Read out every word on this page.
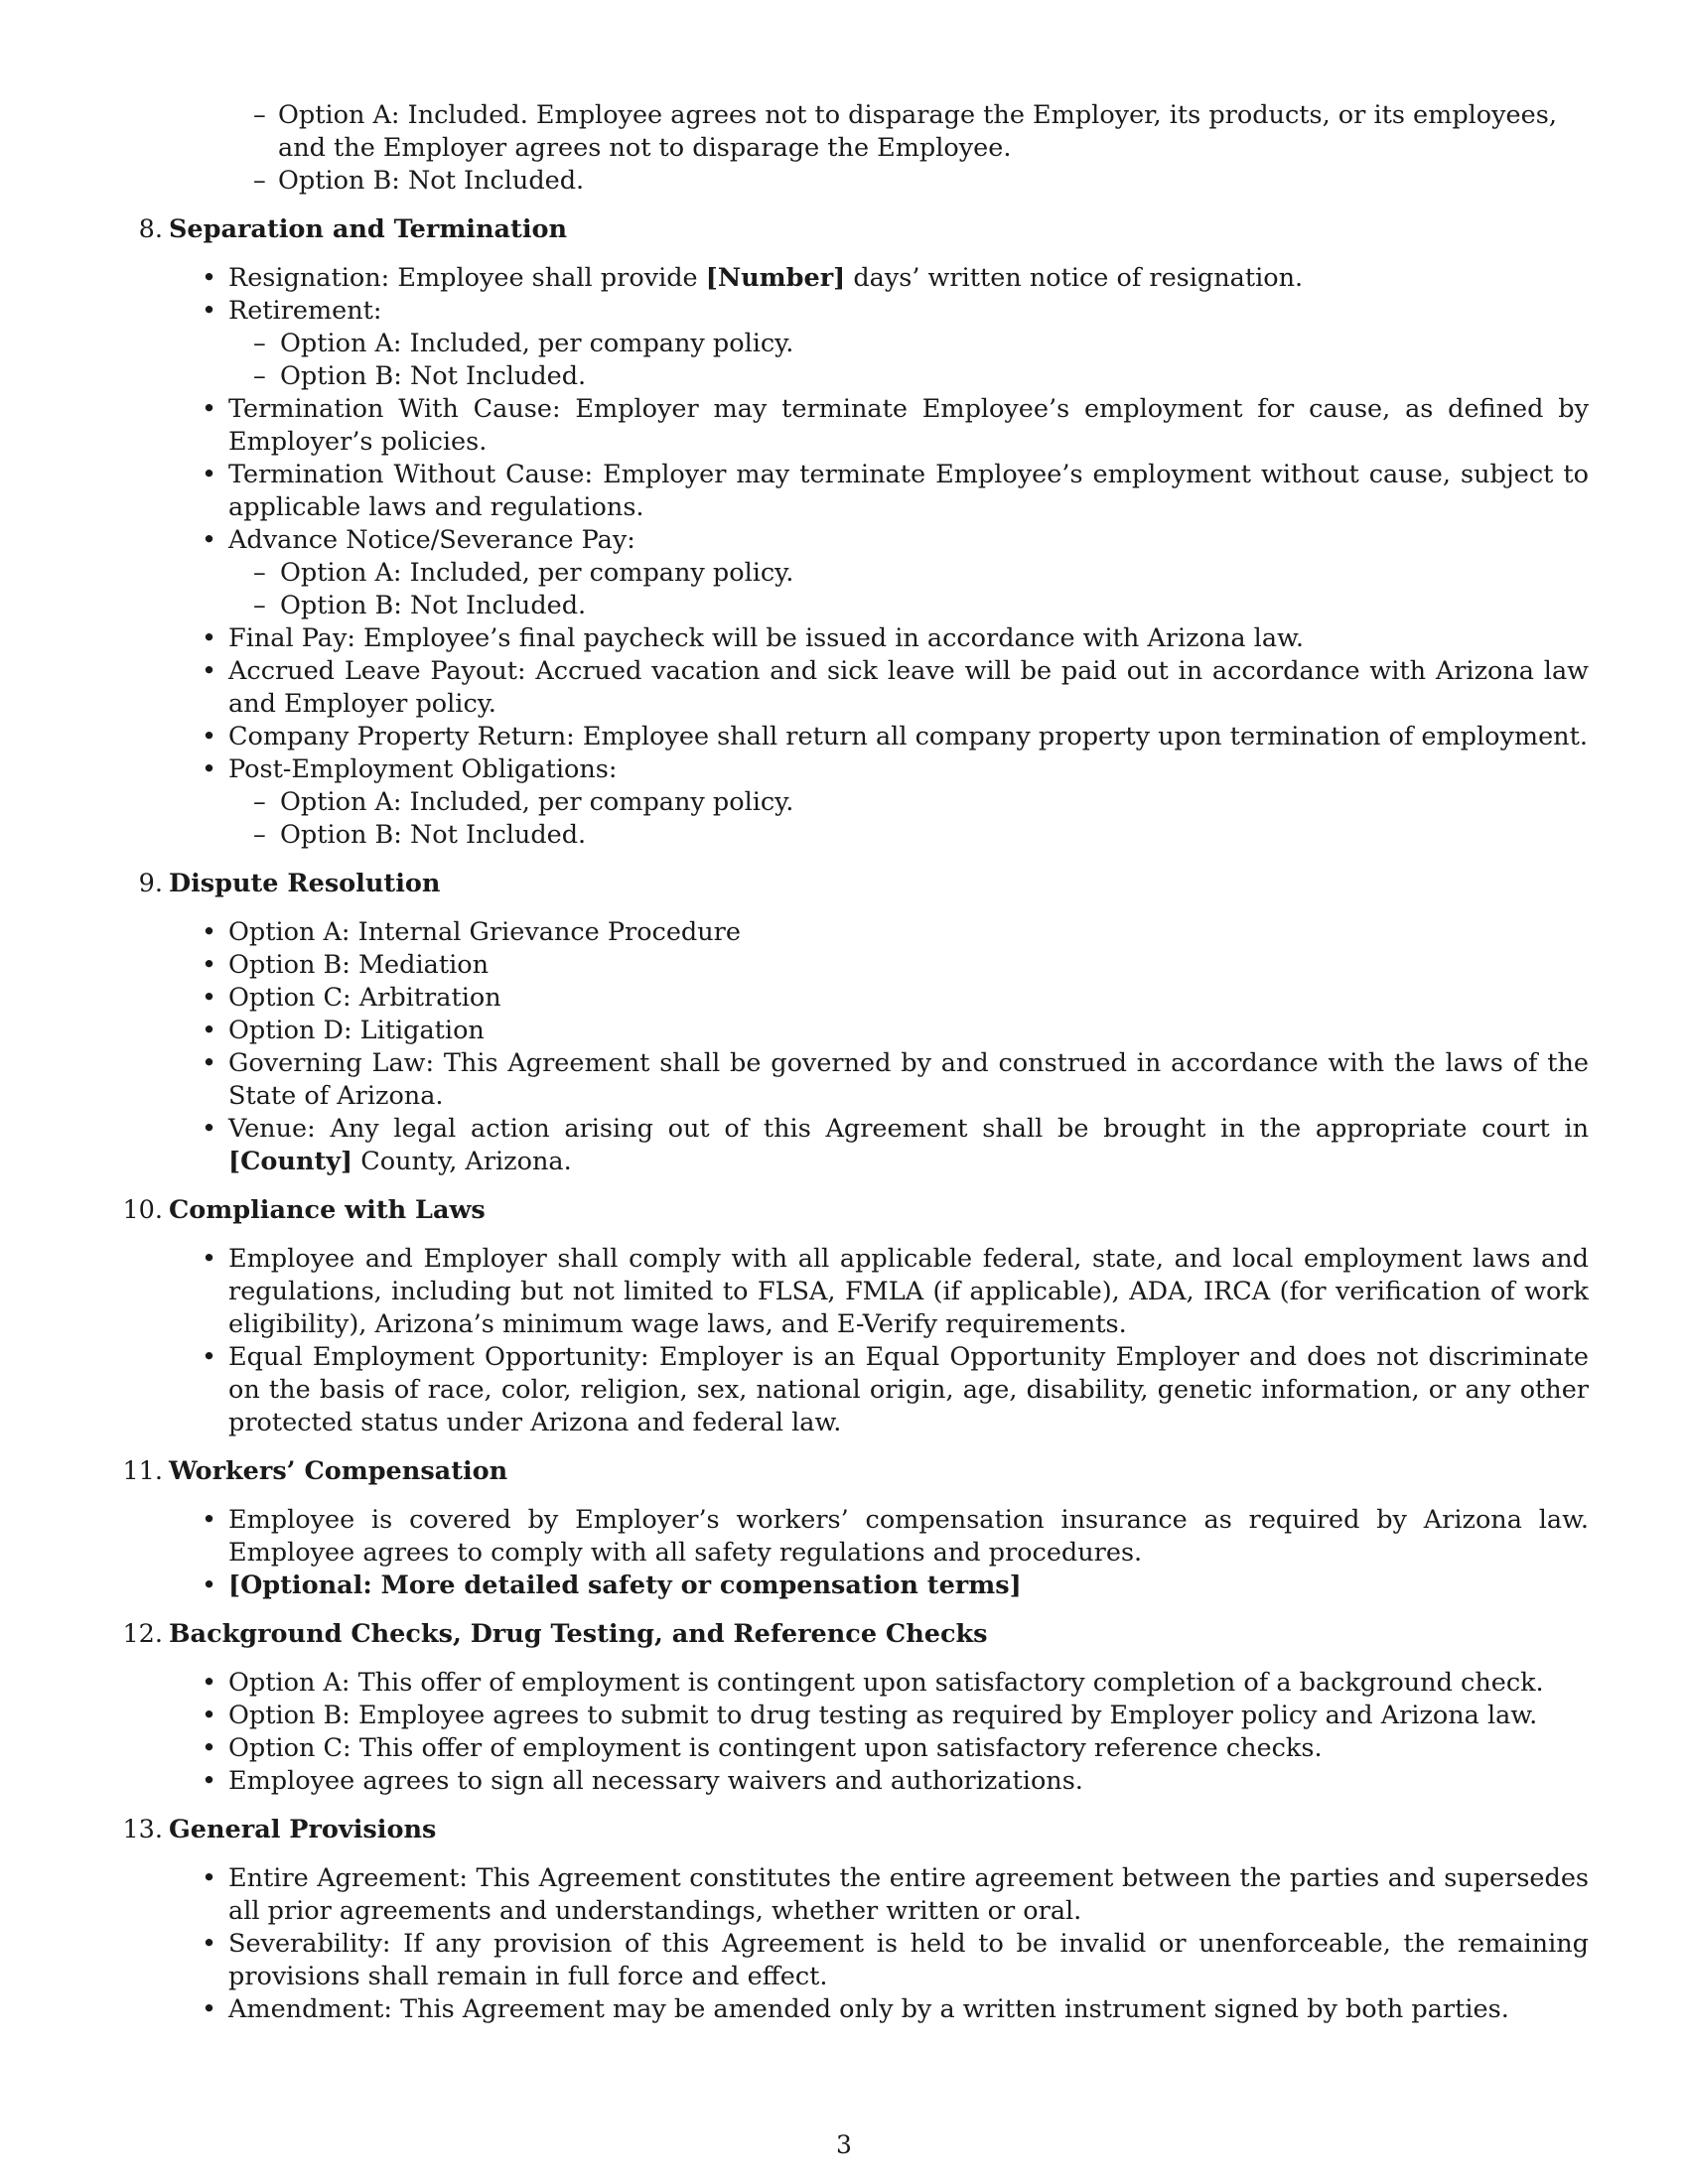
– Option A: Included. Employee agrees not to disparage the Employer, its products, or its employees, and the Employer agrees not to disparage the Employee.
– Option B: Not Included.
8. Separation and Termination
• Resignation: Employee shall provide [Number] days’ written notice of resignation.
• Retirement:
– Option A: Included, per company policy.
– Option B: Not Included.
• Termination With Cause: Employer may terminate Employee’s employment for cause, as defined by Employer’s policies.
• Termination Without Cause: Employer may terminate Employee’s employment without cause, subject to applicable laws and regulations.
• Advance Notice/Severance Pay:
– Option A: Included, per company policy.
– Option B: Not Included.
• Final Pay: Employee’s final paycheck will be issued in accordance with Arizona law.
• Accrued Leave Payout: Accrued vacation and sick leave will be paid out in accordance with Arizona law and Employer policy.
• Company Property Return: Employee shall return all company property upon termination of employment.
• Post-Employment Obligations:
– Option A: Included, per company policy.
– Option B: Not Included.
9. Dispute Resolution
• Option A: Internal Grievance Procedure
• Option B: Mediation
• Option C: Arbitration
• Option D: Litigation
• Governing Law: This Agreement shall be governed by and construed in accordance with the laws of the State of Arizona.
• Venue: Any legal action arising out of this Agreement shall be brought in the appropriate court in [County] County, Arizona.
10. Compliance with Laws
• Employee and Employer shall comply with all applicable federal, state, and local employment laws and regulations, including but not limited to FLSA, FMLA (if applicable), ADA, IRCA (for verification of work eligibility), Arizona’s minimum wage laws, and E-Verify requirements.
• Equal Employment Opportunity: Employer is an Equal Opportunity Employer and does not discriminate on the basis of race, color, religion, sex, national origin, age, disability, genetic information, or any other protected status under Arizona and federal law.
11. Workers’ Compensation
• Employee is covered by Employer’s workers’ compensation insurance as required by Arizona law. Employee agrees to comply with all safety regulations and procedures.
• [Optional: More detailed safety or compensation terms]
12. Background Checks, Drug Testing, and Reference Checks
• Option A: This offer of employment is contingent upon satisfactory completion of a background check.
• Option B: Employee agrees to submit to drug testing as required by Employer policy and Arizona law.
• Option C: This offer of employment is contingent upon satisfactory reference checks.
• Employee agrees to sign all necessary waivers and authorizations.
13. General Provisions
• Entire Agreement: This Agreement constitutes the entire agreement between the parties and supersedes all prior agreements and understandings, whether written or oral.
• Severability: If any provision of this Agreement is held to be invalid or unenforceable, the remaining provisions shall remain in full force and effect.
• Amendment: This Agreement may be amended only by a written instrument signed by both parties.
3
